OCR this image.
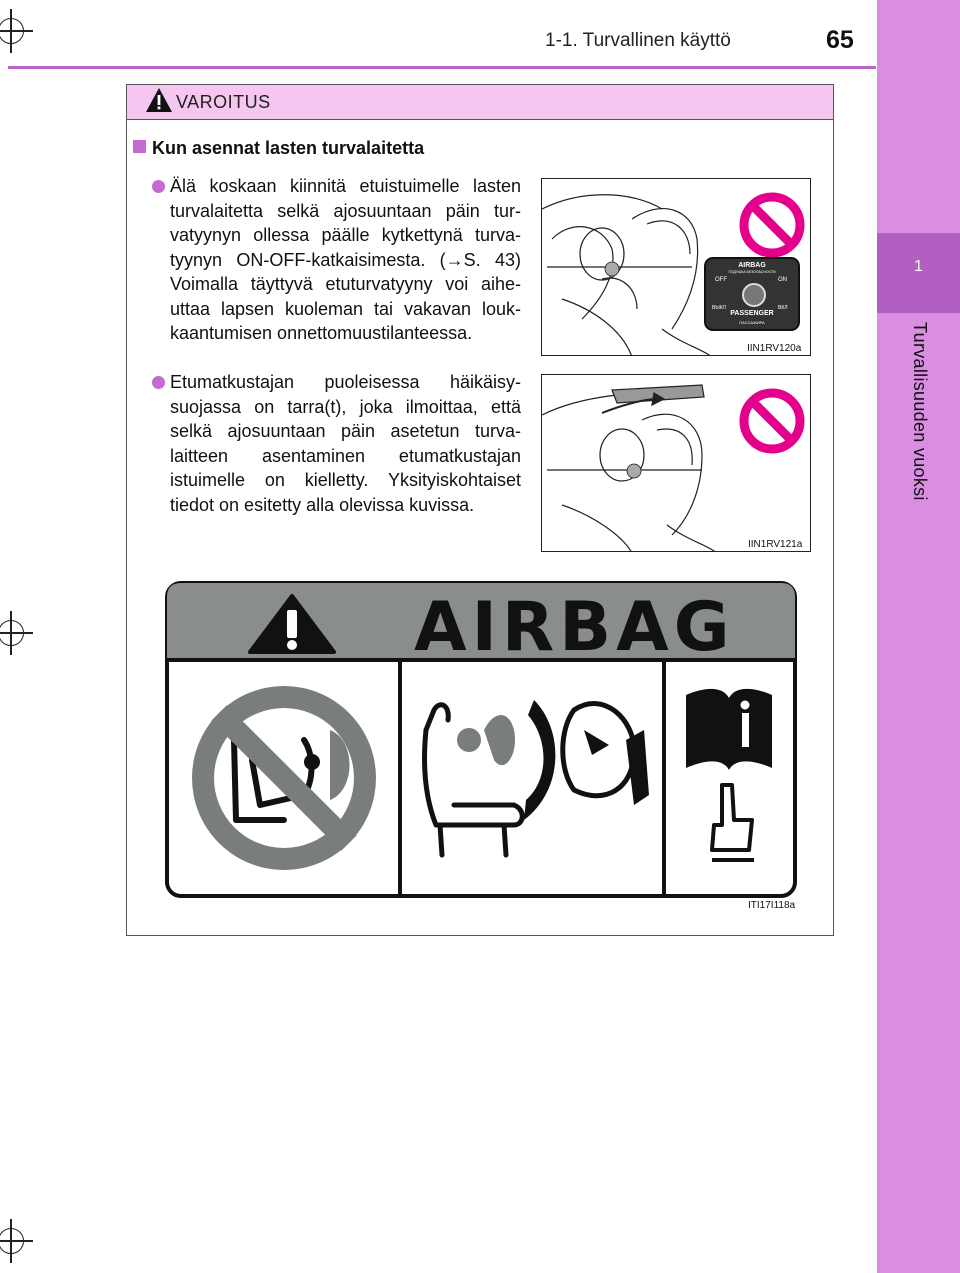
1
Turvallisuuden vuoksi
1-1. Turvallinen käyttö	65
VAROITUS
Kun asennat lasten turvalaitetta
Älä koskaan kiinnitä etuistuimelle lasten turvalaitetta selkä ajosuuntaan päin tur-vatyynyn ollessa päälle kytkettynä turva-tyynyn ON-OFF-katkaisimesta. (→S. 43) Voimalla täyttyvä etuturvatyyny voi aihe-uttaa lapsen kuoleman tai vakavan louk-kaantumisen onnettomuustilanteessa.
Etumatkustajan puoleisessa häikäisy-suojassa on tarra(t), joka ilmoittaa, että selkä ajosuuntaan päin asetetun turva-laitteen asentaminen etumatkustajan istuimelle on kielletty. Yksityiskohtaiset tiedot on esitetty alla olevissa kuvissa.
AIRBAG
ПОДУШКА БЕЗОПАСНОСТИ
OFF	ON
ВЫКЛ	ВКЛ
PASSENGER
ПАССАЖИРА
IIN1RV120a
IIN1RV121a
AIRBAG
ITI17I118a
